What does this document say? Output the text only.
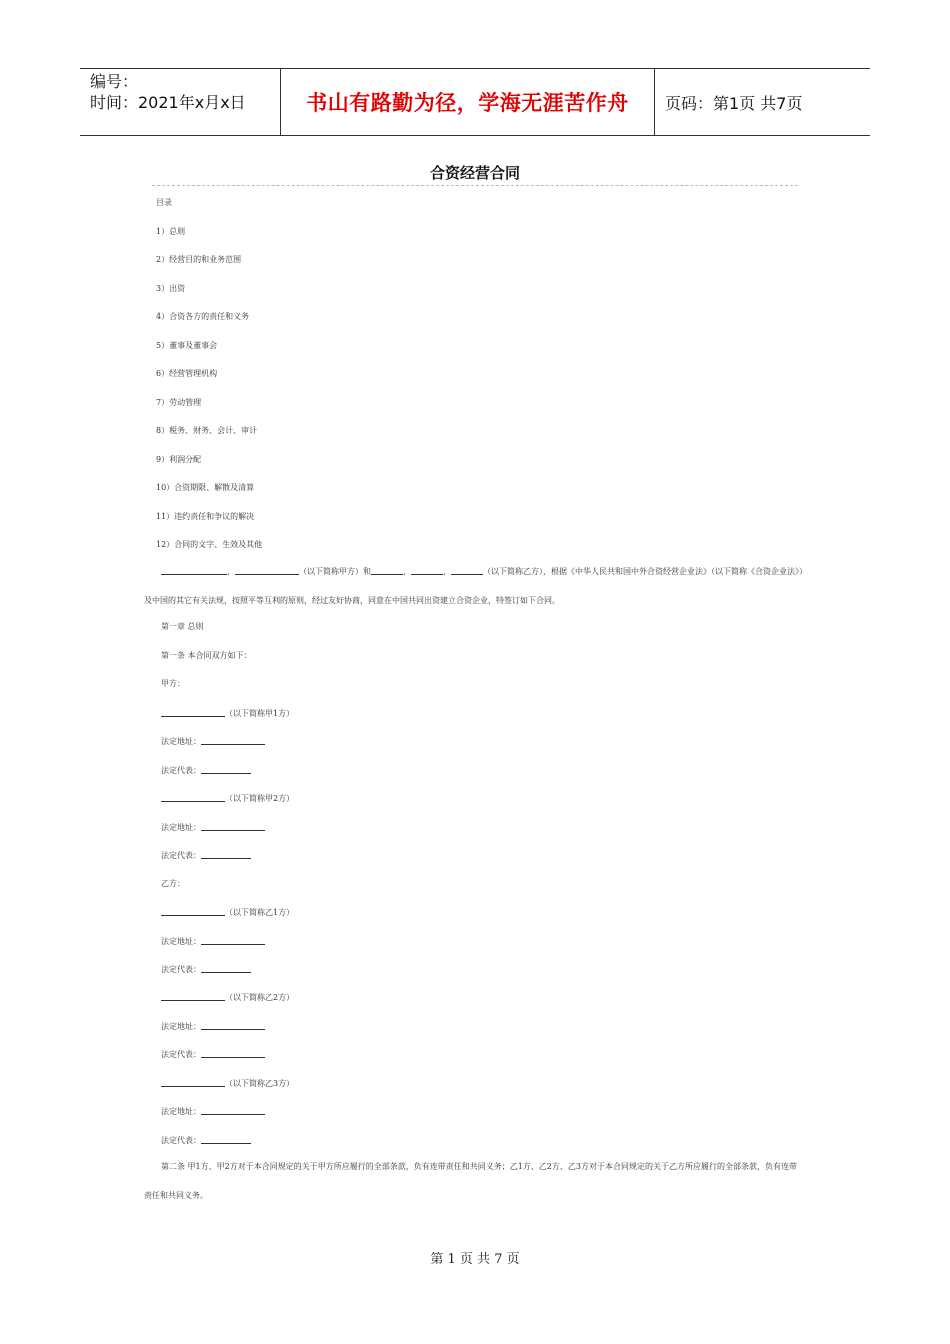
编号：
时间：2021年x月x日	书山有路勤为径，学海无涯苦作舟	页码：第1页 共7页
合资经营合同
目录
1）总则
2）经营目的和业务范围
3）出资
4）合资各方的责任和义务
5）董事及董事会
6）经营管理机构
7）劳动管理
8）税务、财务、会计、审计
9）利润分配
10）合资期限、解散及清算
11）违约责任和争议的解决
12）合同的文字、生效及其他
、	（以下简称甲方）和	、	、	（以下简称乙方），根据《中华人民共和国中外合资经营企业法》（以下简称《合资企业法》）及中国的其它有关法规，按照平等互利的原则，经过友好协商，同意在中国共同出资建立合资企业，特签订如下合同。
第一章 总则
第一条 本合同双方如下：
甲方：
（以下简称甲1方）
法定地址：
法定代表：
（以下简称甲2方）
法定地址：
法定代表：
乙方：
（以下简称乙1方）
法定地址：
法定代表：
（以下简称乙2方）
法定地址：
法定代表：
（以下简称乙3方）
法定地址：
法定代表：
第二条 甲1方、甲2方对于本合同规定的关于甲方所应履行的全部条款，负有连带责任和共同义务；乙1方、乙2方、乙3方对于本合同规定的关于乙方所应履行的全部条款，负有连带责任和共同义务。
第 1 页 共 7 页
